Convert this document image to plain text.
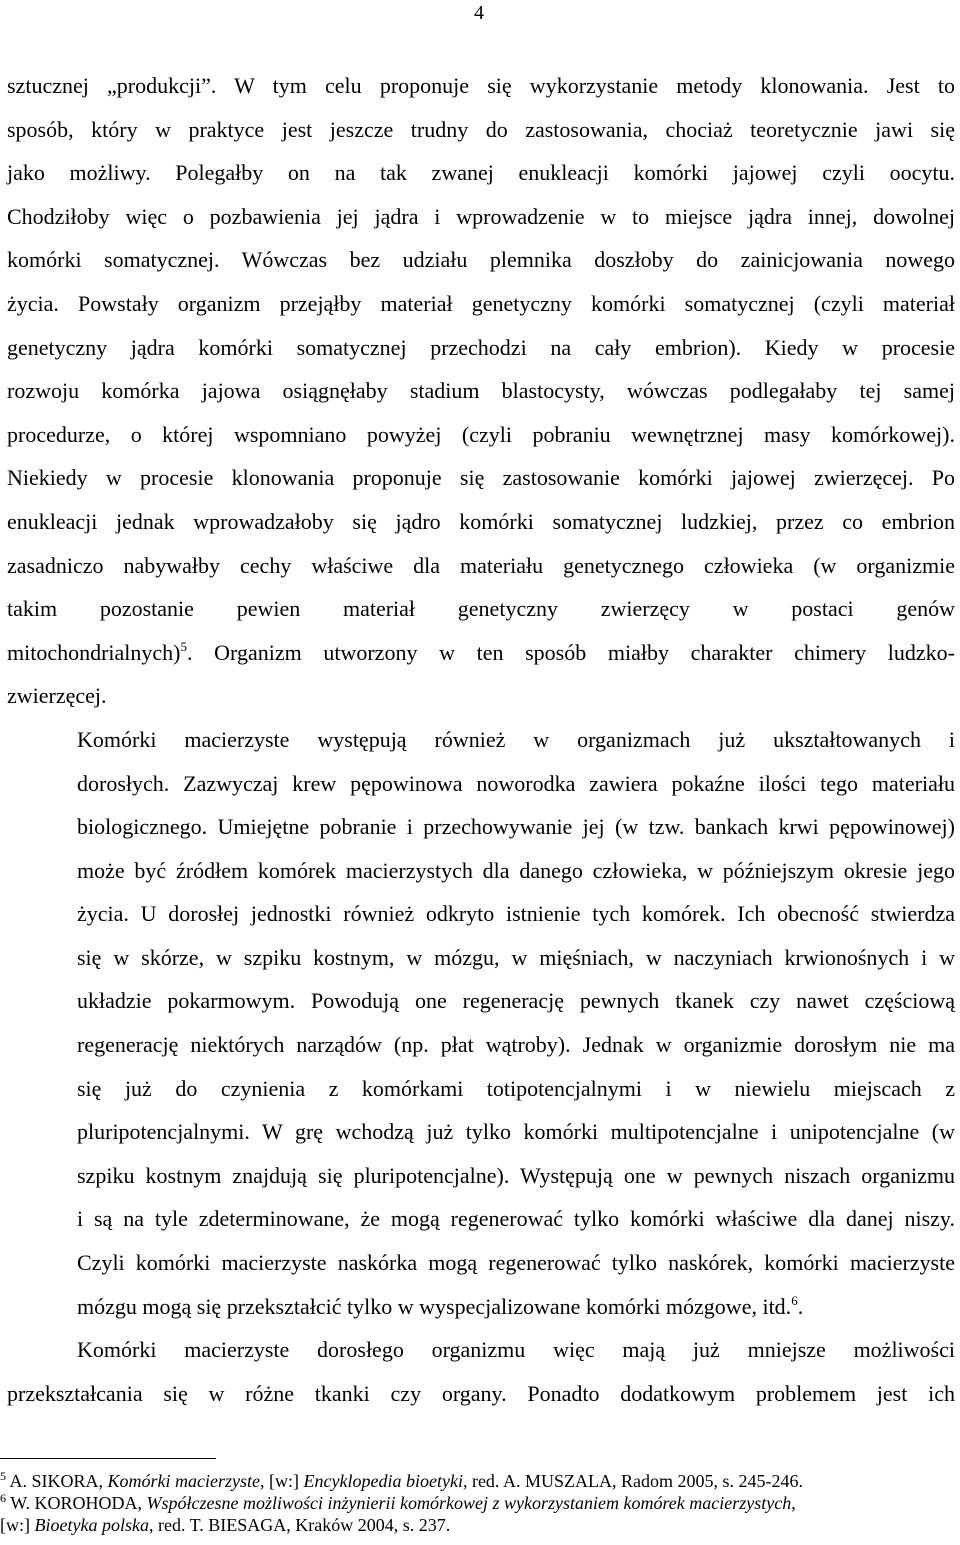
4

sztucznej „produkcji”. W tym celu proponuje się wykorzystanie metody klonowania. Jest to
sposób, który w praktyce jest jeszcze trudny do zastosowania, chociaż teoretycznie jawi się
jako możliwy. Polegałby on na tak zwanej enukleacji komórki jajowej czyli oocytu.
Chodziłoby więc o pozbawienia jej jądra i wprowadzenie w to miejsce jądra innej, dowolnej
komórki somatycznej. Wówczas bez udziału plemnika doszłoby do zainicjowania nowego
życia. Powstały organizm przejąłby materiał genetyczny komórki somatycznej (czyli materiał
genetyczny jądra komórki somatycznej przechodzi na cały embrion). Kiedy w procesie
rozwoju komórka jajowa osiągnęłaby stadium blastocysty, wówczas podlegałaby tej samej
procedurze, o której wspomniano powyżej (czyli pobraniu wewnętrznej masy komórkowej).
Niekiedy w procesie klonowania proponuje się zastosowanie komórki jajowej zwierzęcej. Po
enukleacji jednak wprowadzałoby się jądro komórki somatycznej ludzkiej, przez co embrion
zasadniczo nabywałby cechy właściwe dla materiału genetycznego człowieka (w organizmie
takim pozostanie pewien materiał genetyczny zwierzęcy w postaci genów
mitochondrialnych)$^5$. Organizm utworzony w ten sposób miałby charakter chimery ludzko-
zwierzęcej.

Komórki macierzyste występują również w organizmach już ukształtowanych i
dorosłych. Zazwyczaj krew pępowinowa noworodka zawiera pokaźne ilości tego materiału
biologicznego. Umiejętne pobranie i przechowywanie jej (w tzw. bankach krwi pępowinowej)
może być źródłem komórek macierzystych dla danego człowieka, w późniejszym okresie jego
życia. U dorosłej jednostki również odkryto istnienie tych komórek. Ich obecność stwierdza
się w skórze, w szpiku kostnym, w mózgu, w mięśniach, w naczyniach krwionośnych i w
układzie pokarmowym. Powodują one regenerację pewnych tkanek czy nawet częściową
regenerację niektórych narządów (np. płat wątroby). Jednak w organizmie dorosłym nie ma
się już do czynienia z komórkami totipotencjalnymi i w niewielu miejscach z
pluripotencjalnymi. W grę wchodzą już tylko komórki multipotencjalne i unipotencjalne (w
szpiku kostnym znajdują się pluripotencjalne). Występują one w pewnych niszach organizmu
i są na tyle zdeterminowane, że mogą regenerować tylko komórki właściwe dla danej niszy.
Czyli komórki macierzyste naskórka mogą regenerować tylko naskórek, komórki macierzyste
mózgu mogą się przekształcić tylko w wyspecjalizowane komórki mózgowe, itd.$^6$.

Komórki macierzyste dorosłego organizmu więc mają już mniejsze możliwości
przekształcania się w różne tkanki czy organy. Ponadto dodatkowym problemem jest ich

$^5$ A. SIKORA, Komórki macierzyste, [w:] Encyklopedia bioetyki, red. A. MUSZALA, Radom 2005, s. 245-246.

$^6$ W. KOROHODA, Współczesne możliwości inżynierii komórkowej z wykorzystaniem komórek macierzystych,

[w:] Bioetyka polska, red. T. BIESAGA, Kraków 2004, s. 237.
